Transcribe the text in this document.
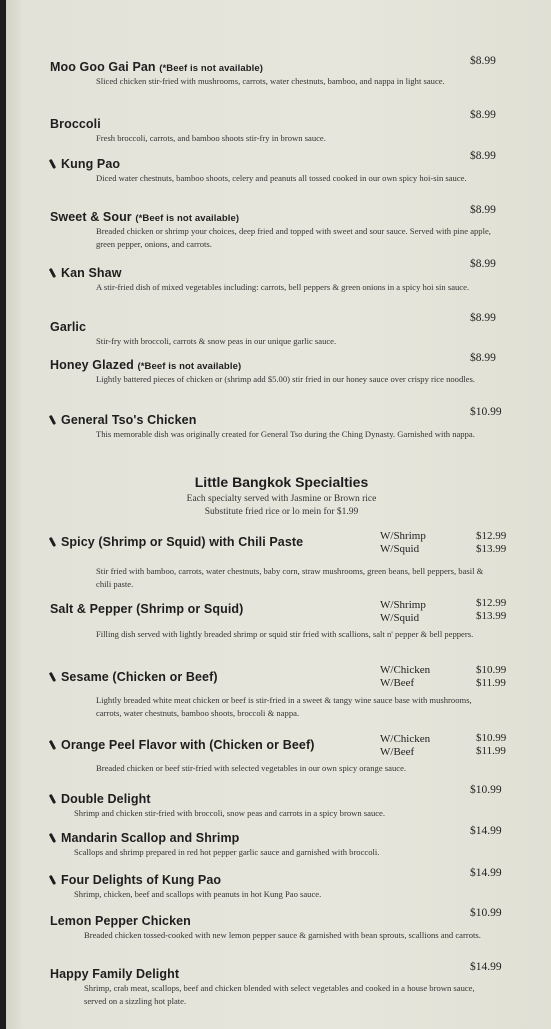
Moo Goo Gai Pan (*Beef is not available)
Sliced chicken stir-fried with mushrooms, carrots, water chestnuts, bamboo, and nappa in light sauce.
$8.99
Broccoli
Fresh broccoli, carrots, and bamboo shoots stir-fry in brown sauce.
$8.99
Kung Pao
Diced water chestnuts, bamboo shoots, celery and peanuts all tossed cooked in our own spicy hoi-sin sauce.
$8.99
Sweet & Sour (*Beef is not available)
Breaded chicken or shrimp your choices, deep fried and topped with sweet and sour sauce. Served with pine apple, green pepper, onions, and carrots.
$8.99
Kan Shaw
A stir-fried dish of mixed vegetables including: carrots, bell peppers & green onions in a spicy hoi sin sauce.
$8.99
Garlic
Stir-fry with broccoli, carrots & snow peas in our unique garlic sauce.
$8.99
Honey Glazed (*Beef is not available)
Lightly battered pieces of chicken or (shrimp add $5.00) stir fried in our honey sauce over crispy rice noodles.
$8.99
General Tso's Chicken
This memorable dish was originally created for General Tso during the Ching Dynasty. Garnished with nappa.
$10.99
Little Bangkok Specialties
Each specialty served with Jasmine or Brown rice
Substitute fried rice or lo mein for $1.99
Spicy (Shrimp or Squid) with Chili Paste
Stir fried with bamboo, carrots, water chestnuts, baby corn, straw mushrooms, green beans, bell peppers, basil & chili paste.
W/Shrimp
W/Squid
$12.99
$13.99
Salt & Pepper (Shrimp or Squid)
Filling dish served with lightly breaded shrimp or squid stir fried with scallions, salt n' pepper & bell peppers.
W/Shrimp
W/Squid
$12.99
$13.99
Sesame (Chicken or Beef)
Lightly breaded white meat chicken or beef is stir-fried in a sweet & tangy wine sauce base with mushrooms, carrots, water chestnuts, bamboo shoots, broccoli & nappa.
W/Chicken
W/Beef
$10.99
$11.99
Orange Peel Flavor with (Chicken or Beef)
Breaded chicken or beef stir-fried with selected vegetables in our own spicy orange sauce.
W/Chicken
W/Beef
$10.99
$11.99
Double Delight
Shrimp and chicken stir-fried with broccoli, snow peas and carrots in a spicy brown sauce.
$10.99
Mandarin Scallop and Shrimp
Scallops and shrimp prepared in red hot pepper garlic sauce and garnished with broccoli.
$14.99
Four Delights of Kung Pao
Shrimp, chicken, beef and scallops with peanuts in hot Kung Pao sauce.
$14.99
Lemon Pepper Chicken
Breaded chicken tossed-cooked with new lemon pepper sauce & garnished with bean sprouts, scallions and carrots.
$10.99
Happy Family Delight
Shrimp, crab meat, scallops, beef and chicken blended with select vegetables and cooked in a house brown sauce, served on a sizzling hot plate.
$14.99
